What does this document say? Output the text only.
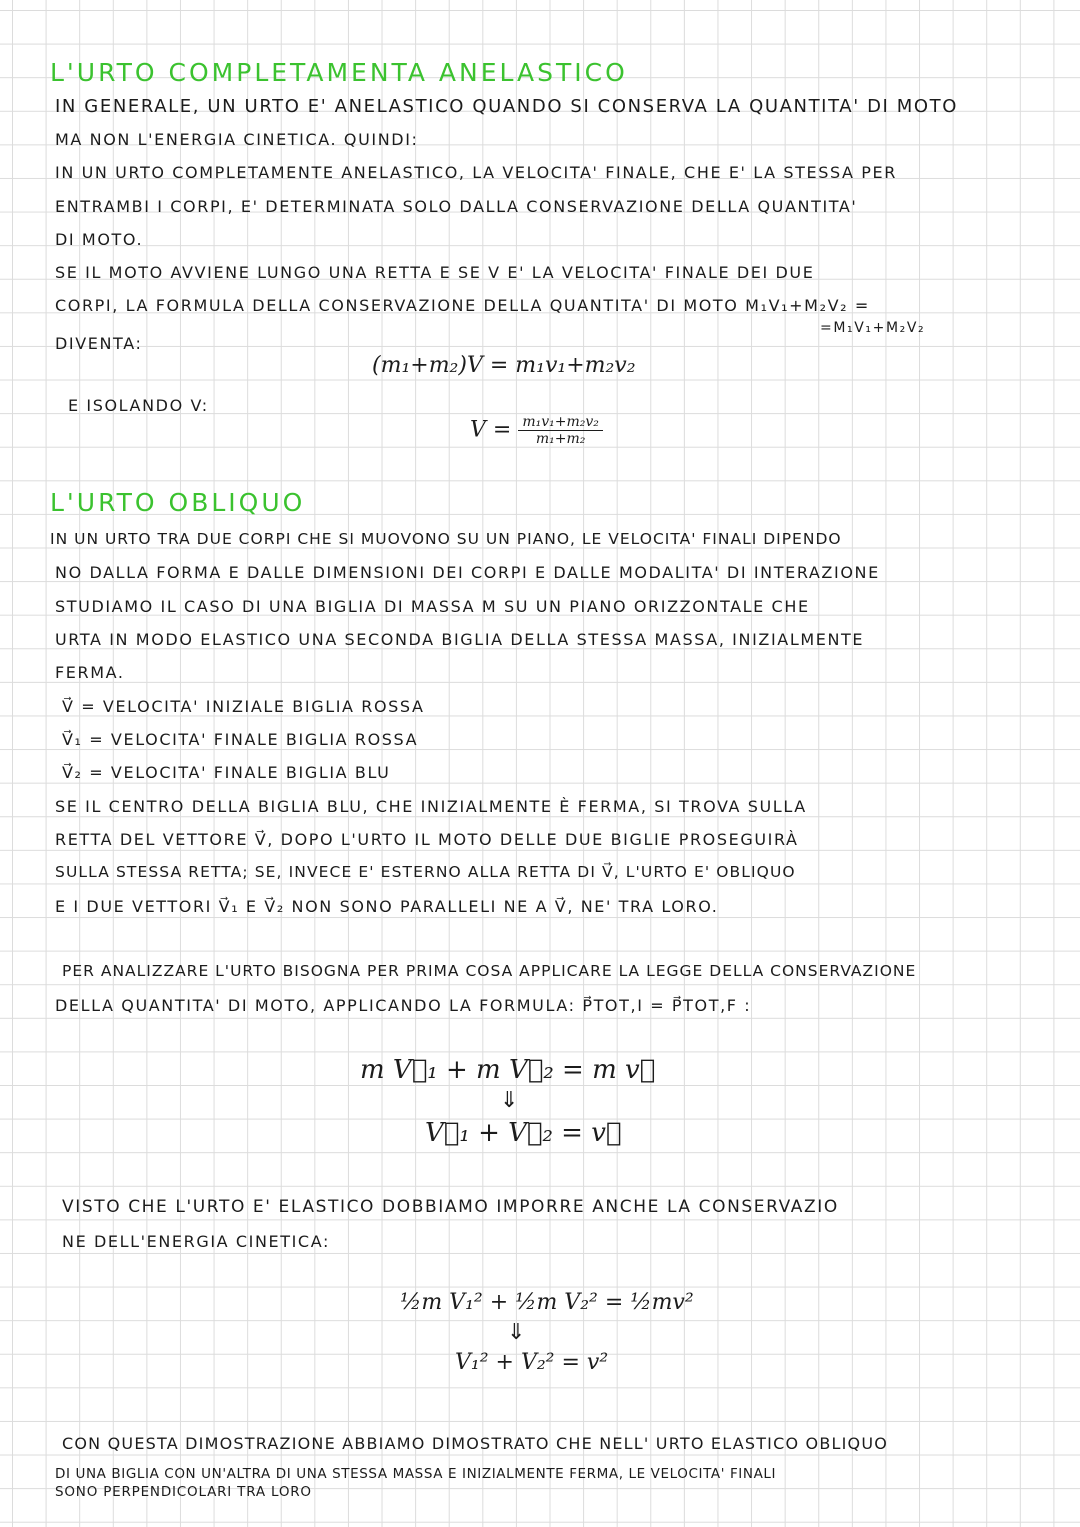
L'URTO COMPLETAMENTA ANELASTICO
IN GENERALE, UN URTO E' ANELASTICO QUANDO SI CONSERVA LA QUANTITA' DI MOTO
MA NON L'ENERGIA CINETICA. QUINDI:
IN UN URTO COMPLETAMENTE ANELASTICO, LA VELOCITA' FINALE, CHE E' LA STESSA PER
ENTRAMBI I CORPI, E' DETERMINATA SOLO DALLA CONSERVAZIONE DELLA QUANTITA'
DI MOTO.
SE IL MOTO AVVIENE LUNGO UNA RETTA E SE V E' LA VELOCITA' FINALE DEI DUE
CORPI, LA FORMULA DELLA CONSERVAZIONE DELLA QUANTITA' DI MOTO M₁V₁+M₂V₂ =
=M₁V₁+M₂V₂
DIVENTA:
(m₁+m₂)V = m₁v₁+m₂v₂
E ISOLANDO V:
$V = \frac{\text{m₁v₁+m₂v₂}}{\text{m₁+m₂}}$
L'URTO OBLIQUO
IN UN URTO TRA DUE CORPI CHE SI MUOVONO SU UN PIANO, LE VELOCITA' FINALI DIPENDO
NO DALLA FORMA E DALLE DIMENSIONI DEI CORPI E DALLE MODALITA' DI INTERAZIONE
STUDIAMO IL CASO DI UNA BIGLIA DI MASSA M SU UN PIANO ORIZZONTALE CHE
URTA IN MODO ELASTICO UNA SECONDA BIGLIA DELLA STESSA MASSA, INIZIALMENTE
FERMA.
V⃗ = VELOCITA' INIZIALE BIGLIA ROSSA
V⃗₁ = VELOCITA' FINALE BIGLIA ROSSA
V⃗₂ = VELOCITA' FINALE BIGLIA BLU
SE IL CENTRO DELLA BIGLIA BLU, CHE INIZIALMENTE È FERMA, SI TROVA SULLA
RETTA DEL VETTORE V⃗, DOPO L'URTO IL MOTO DELLE DUE BIGLIE PROSEGUIRÀ
SULLA STESSA RETTA; SE, INVECE E' ESTERNO ALLA RETTA DI V⃗, L'URTO E' OBLIQUO
E I DUE VETTORI V⃗₁ E V⃗₂ NON SONO PARALLELI NE A V⃗, NE' TRA LORO.
PER ANALIZZARE L'URTO BISOGNA PER PRIMA COSA APPLICARE LA LEGGE DELLA CONSERVAZIONE
DELLA QUANTITA' DI MOTO, APPLICANDO LA FORMULA: P⃗TOT,I = P⃗TOT,F :
m V⃗₁ + m V⃗₂ = m v⃗
⇓
V⃗₁ + V⃗₂ = v⃗
VISTO CHE L'URTO E' ELASTICO DOBBIAMO IMPORRE ANCHE LA CONSERVAZIO
NE DELL'ENERGIA CINETICA:
½m V₁² + ½m V₂² = ½mv²
⇓
V₁² + V₂² = v²
CON QUESTA DIMOSTRAZIONE ABBIAMO DIMOSTRATO CHE NELL' URTO ELASTICO OBLIQUO
DI UNA BIGLIA CON UN'ALTRA DI UNA STESSA MASSA E INIZIALMENTE FERMA, LE VELOCITA' FINALI
SONO PERPENDICOLARI TRA LORO
